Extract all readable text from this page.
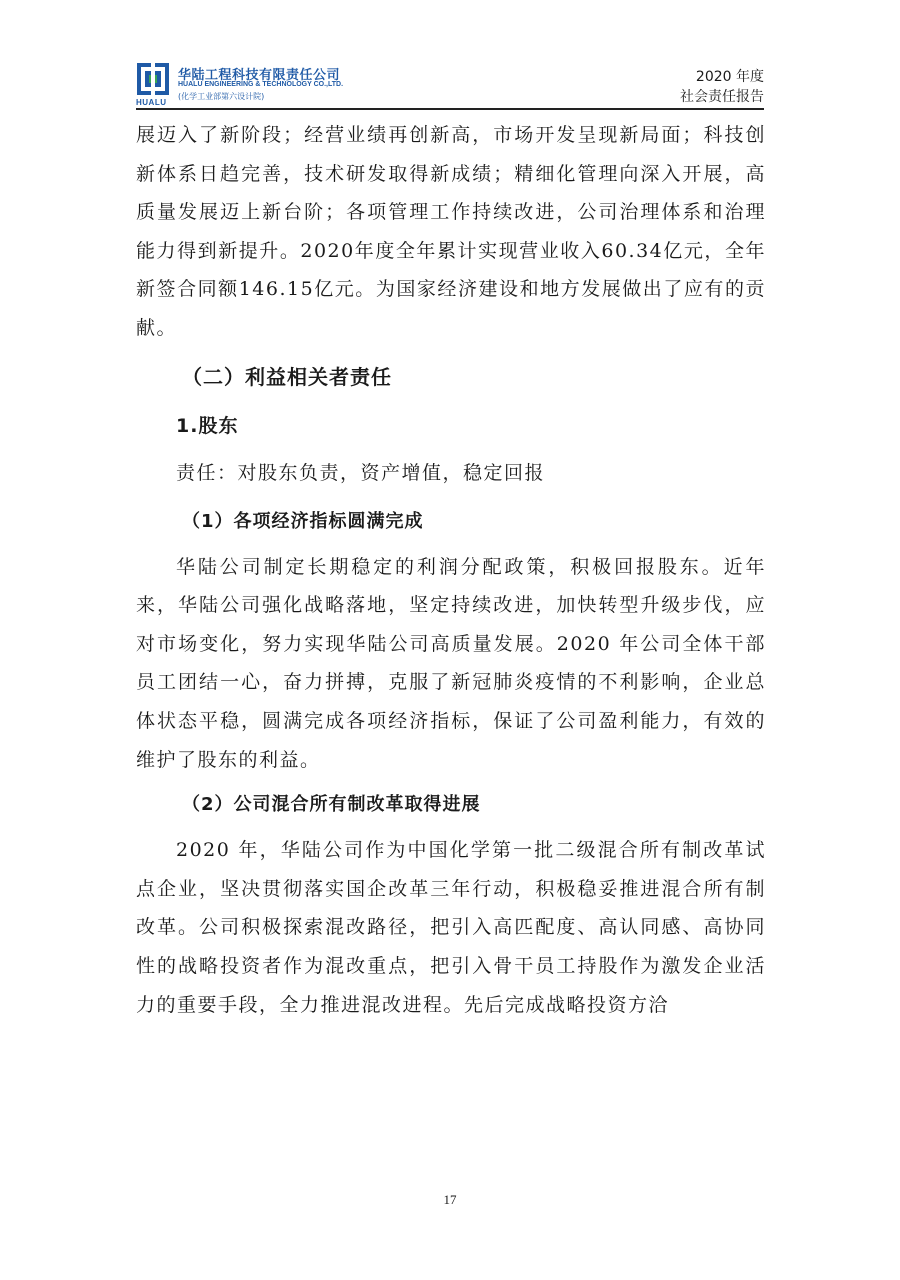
HUALU
华陆工程科技有限责任公司
HUALU ENGINEERING & TECHNOLOGY CO.,LTD.
(化学工业部第六设计院)
2020 年度
社会责任报告

展迈入了新阶段；经营业绩再创新高，市场开发呈现新局面；科技创新体系日趋完善，技术研发取得新成绩；精细化管理向深入开展，高质量发展迈上新台阶；各项管理工作持续改进，公司治理体系和治理能力得到新提升。2020年度全年累计实现营业收入60.34亿元，全年新签合同额146.15亿元。为国家经济建设和地方发展做出了应有的贡献。

（二）利益相关者责任
1.股东

责任：对股东负责，资产增值，稳定回报

（1）各项经济指标圆满完成

华陆公司制定长期稳定的利润分配政策，积极回报股东。近年来，华陆公司强化战略落地，坚定持续改进，加快转型升级步伐，应对市场变化，努力实现华陆公司高质量发展。2020 年公司全体干部员工团结一心，奋力拼搏，克服了新冠肺炎疫情的不利影响，企业总体状态平稳，圆满完成各项经济指标，保证了公司盈利能力，有效的维护了股东的利益。

（2）公司混合所有制改革取得进展

2020 年，华陆公司作为中国化学第一批二级混合所有制改革试点企业，坚决贯彻落实国企改革三年行动，积极稳妥推进混合所有制改革。公司积极探索混改路径，把引入高匹配度、高认同感、高协同性的战略投资者作为混改重点，把引入骨干员工持股作为激发企业活力的重要手段，全力推进混改进程。先后完成战略投资方洽

17
